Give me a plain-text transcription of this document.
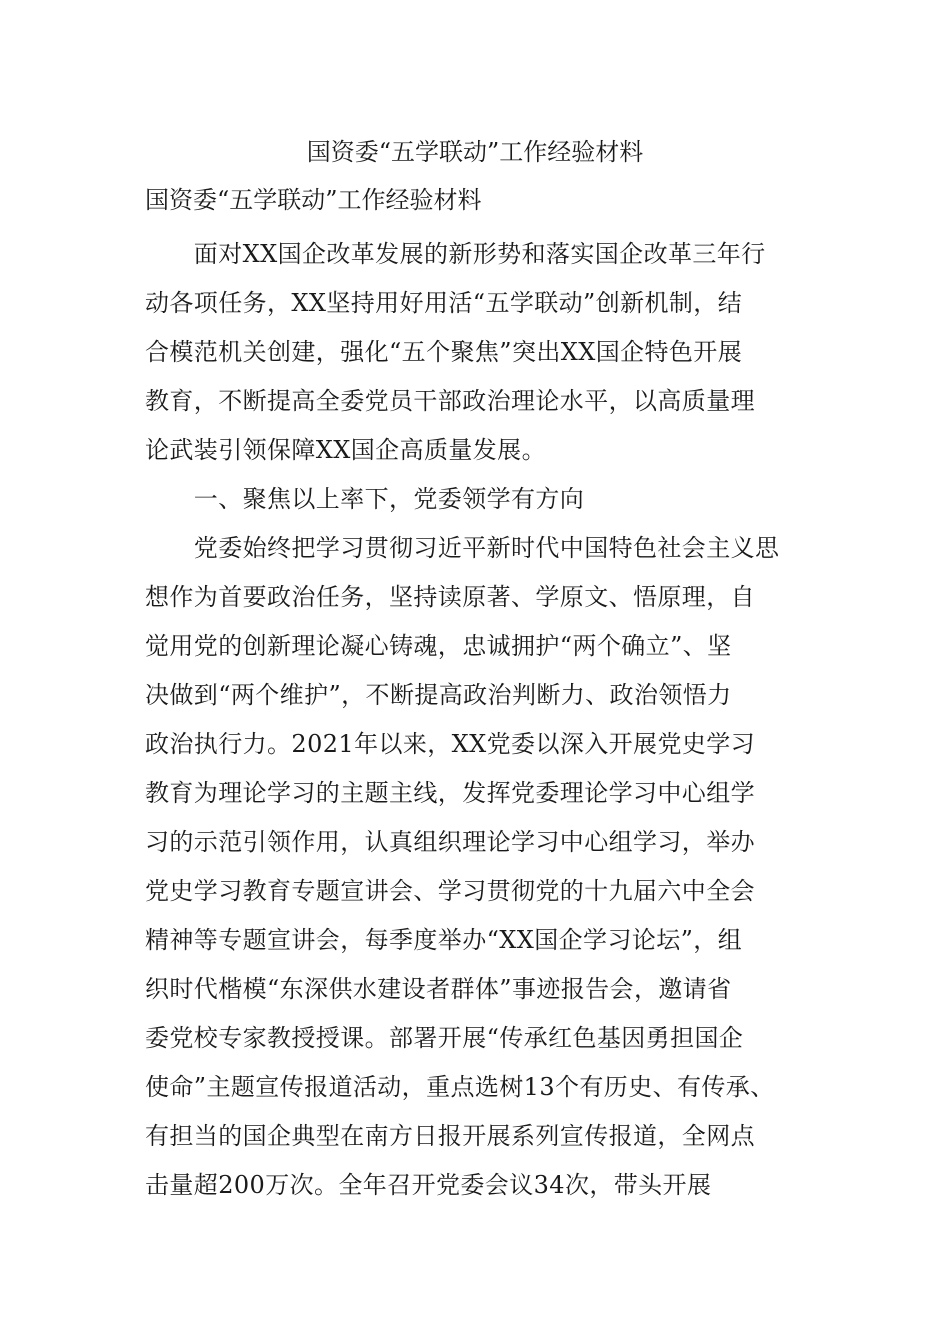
国资委“五学联动”工作经验材料
国资委“五学联动”工作经验材料
　　面对XX国企改革发展的新形势和落实国企改革三年行
动各项任务，XX坚持用好用活“五学联动”创新机制，结
合模范机关创建，强化“五个聚焦”突出XX国企特色开展
教育，不断提高全委党员干部政治理论水平，以高质量理
论武装引领保障XX国企高质量发展。
　　一、聚焦以上率下，党委领学有方向
　　党委始终把学习贯彻习近平新时代中国特色社会主义思
想作为首要政治任务，坚持读原著、学原文、悟原理，自
觉用党的创新理论凝心铸魂，忠诚拥护“两个确立”、坚
决做到“两个维护”，不断提高政治判断力、政治领悟力
政治执行力。2021年以来，XX党委以深入开展党史学习
教育为理论学习的主题主线，发挥党委理论学习中心组学
习的示范引领作用，认真组织理论学习中心组学习，举办
党史学习教育专题宣讲会、学习贯彻党的十九届六中全会
精神等专题宣讲会，每季度举办“XX国企学习论坛”，组
织时代楷模“东深供水建设者群体”事迹报告会，邀请省
委党校专家教授授课。部署开展“传承红色基因勇担国企
使命”主题宣传报道活动，重点选树13个有历史、有传承、
有担当的国企典型在南方日报开展系列宣传报道，全网点
击量超200万次。全年召开党委会议34次，带头开展
